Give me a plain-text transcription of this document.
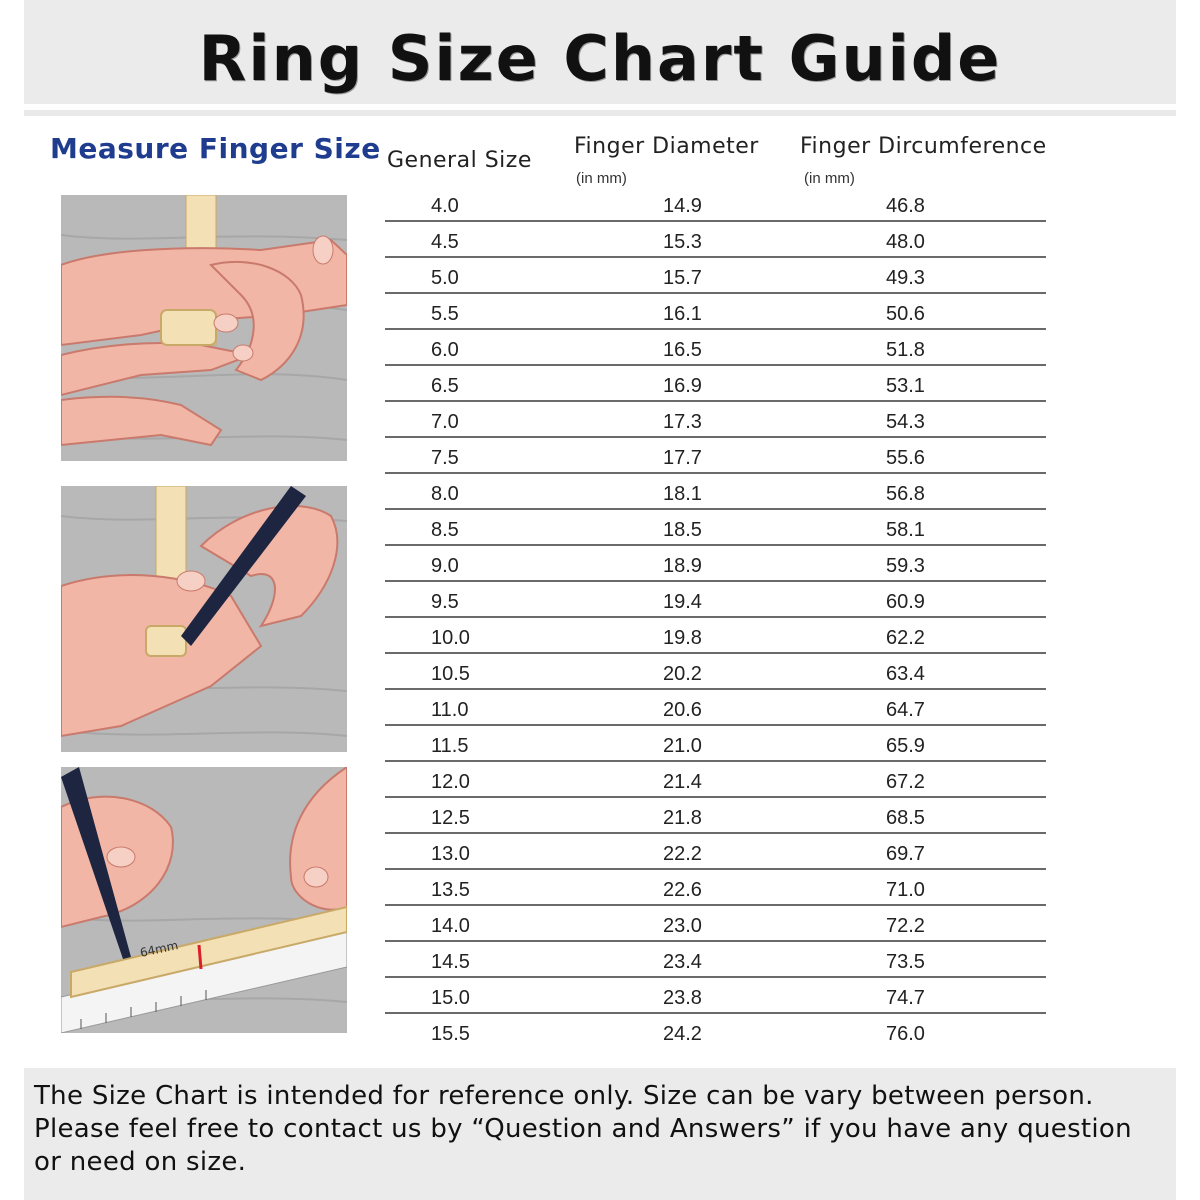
Ring Size Chart Guide
Measure Finger Size
64mm
General Size
Finger Diameter
(in mm)
Finger Dircumference
(in mm)
4.0	14.9	46.8
4.5	15.3	48.0
5.0	15.7	49.3
5.5	16.1	50.6
6.0	16.5	51.8
6.5	16.9	53.1
7.0	17.3	54.3
7.5	17.7	55.6
8.0	18.1	56.8
8.5	18.5	58.1
9.0	18.9	59.3
9.5	19.4	60.9
10.0	19.8	62.2
10.5	20.2	63.4
11.0	20.6	64.7
11.5	21.0	65.9
12.0	21.4	67.2
12.5	21.8	68.5
13.0	22.2	69.7
13.5	22.6	71.0
14.0	23.0	72.2
14.5	23.4	73.5
15.0	23.8	74.7
15.5	24.2	76.0

The Size Chart is intended for reference only. Size can be vary between person.
Please feel free to contact us by “Question and Answers” if you have any question
or need on size.
